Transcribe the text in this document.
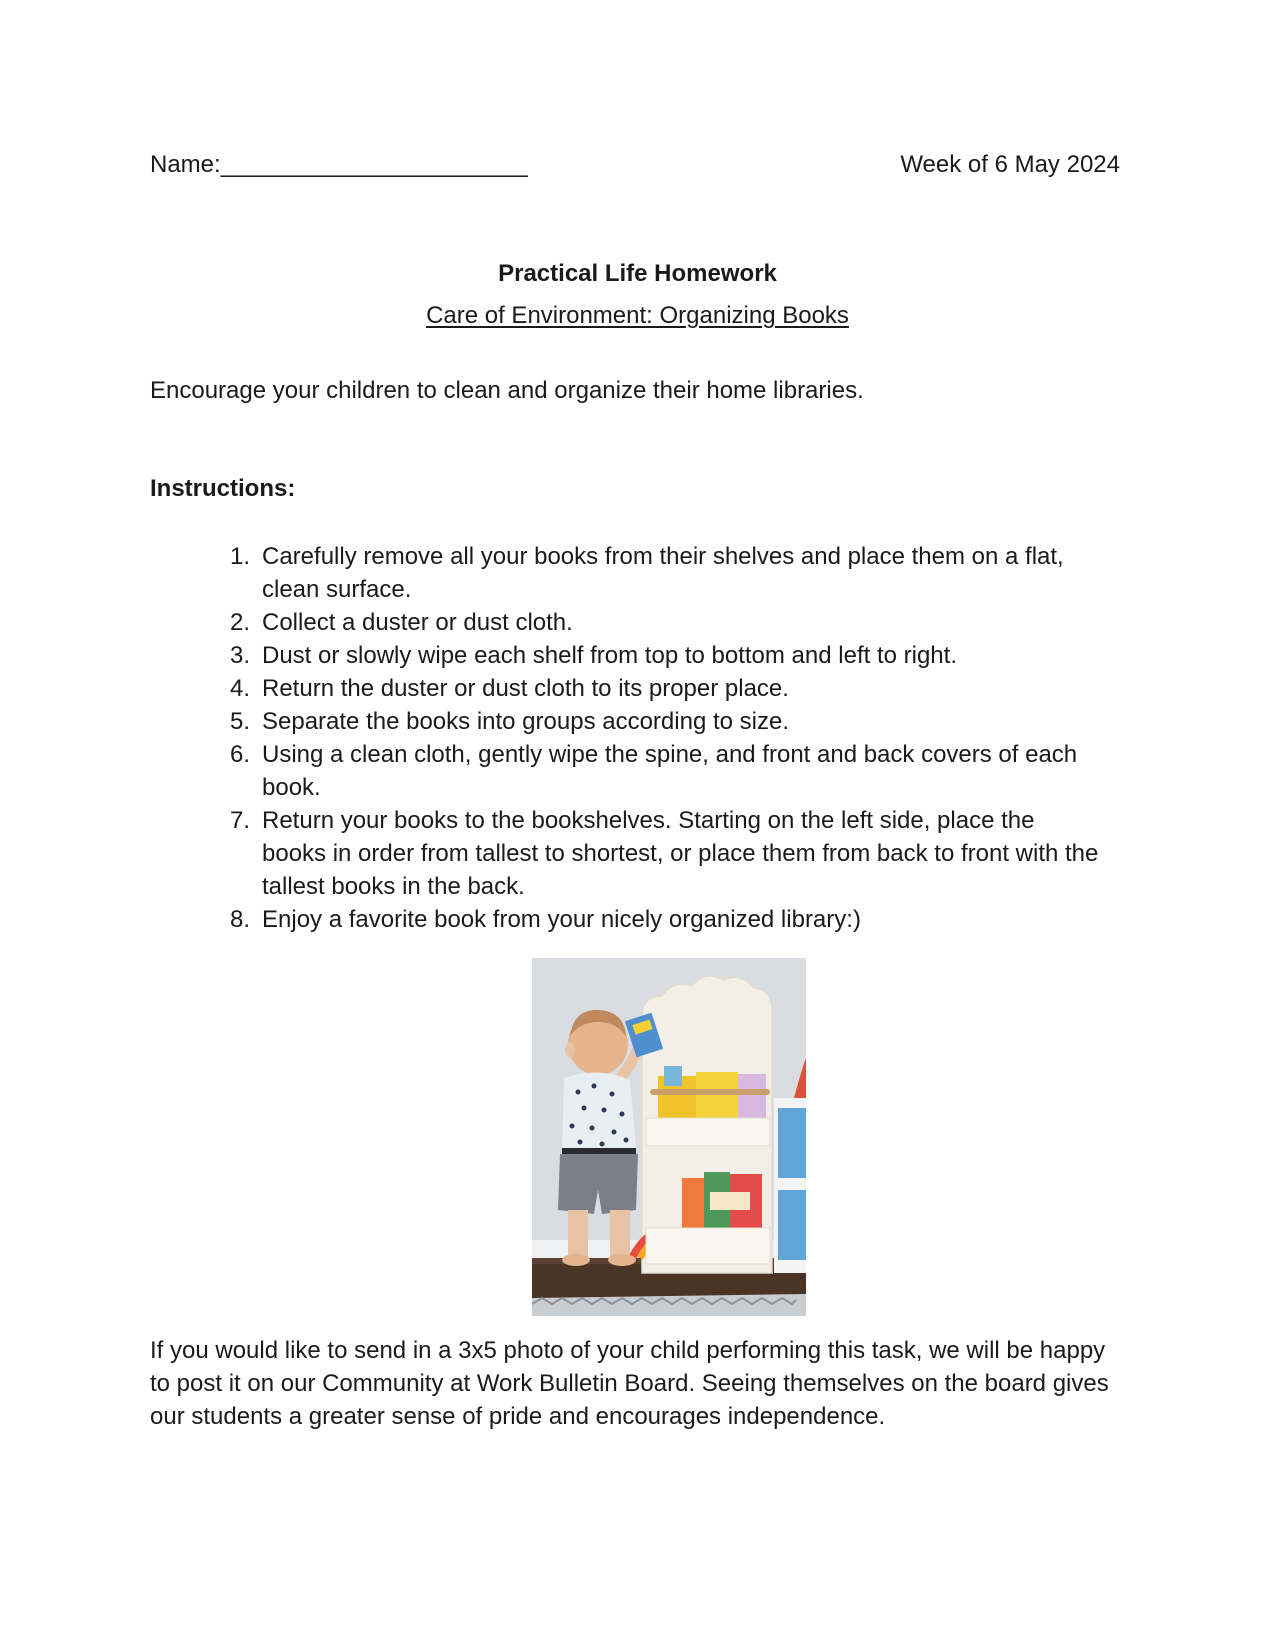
Name:_______________________	Week of 6 May 2024
Practical Life Homework
Care of Environment: Organizing Books
Encourage your children to clean and organize their home libraries.
Instructions:
1. Carefully remove all your books from their shelves and place them on a flat, clean surface.
2. Collect a duster or dust cloth.
3. Dust or slowly wipe each shelf from top to bottom and left to right.
4. Return the duster or dust cloth to its proper place.
5. Separate the books into groups according to size.
6. Using a clean cloth, gently wipe the spine, and front and back covers of each book.
7. Return your books to the bookshelves. Starting on the left side, place the books in order from tallest to shortest, or place them from back to front with the tallest books in the back.
8. Enjoy a favorite book from your nicely organized library:)
If you would like to send in a 3x5 photo of your child performing this task, we will be happy to post it on our Community at Work Bulletin Board. Seeing themselves on the board gives our students a greater sense of pride and encourages independence.
